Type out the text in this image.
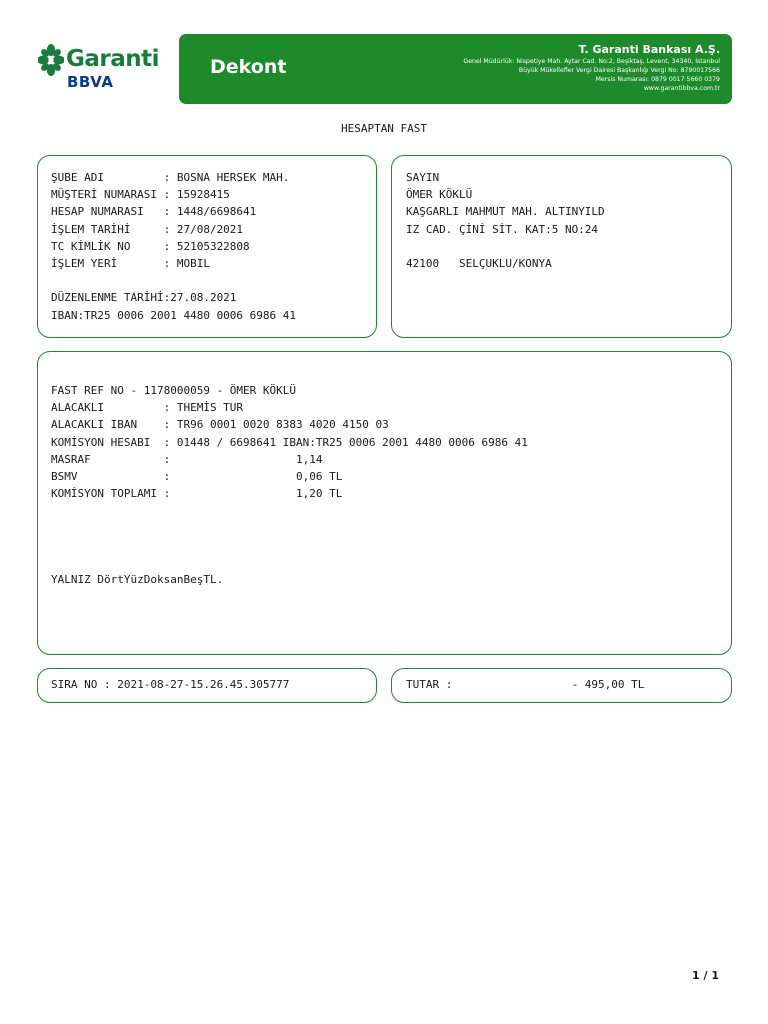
Garanti
BBVA
Dekont
T. Garanti Bankası A.Ş.
Genel Müdürlük: Nispetiye Mah. Aytar Cad. No:2, Beşiktaş, Levent, 34340, İstanbul
Büyük Mükellefler Vergi Dairesi Başkanlığı Vergi No: 8790017566
Mersis Numarası: 0879 0017 5660 0379
www.garantibbva.com.tr
HESAPTAN FAST
ŞUBE ADI         : BOSNA HERSEK MAH.
MÜŞTERİ NUMARASI : 15928415
HESAP NUMARASI   : 1448/6698641
İŞLEM TARİHİ     : 27/08/2021
TC KİMLİK NO     : 52105322808
İŞLEM YERİ       : MOBIL

DÜZENLENME TARİHİ:27.08.2021
IBAN:TR25 0006 2001 4480 0006 6986 41
SAYIN
ÖMER KÖKLÜ
KAŞGARLI MAHMUT MAH. ALTINYILD
IZ CAD. ÇİNİ SİT. KAT:5 NO:24

42100   SELÇUKLU/KONYA
FAST REF NO - 1178000059 - ÖMER KÖKLÜ
ALACAKLI         : THEMİS TUR
ALACAKLI IBAN    : TR96 0001 0020 8383 4020 4150 03
KOMİSYON HESABI  : 01448 / 6698641 IBAN:TR25 0006 2001 4480 0006 6986 41
MASRAF           :                   1,14
BSMV             :                   0,06 TL
KOMİSYON TOPLAMI :                   1,20 TL

YALNIZ DörtYüzDoksanBeşTL.
SIRA NO : 2021-08-27-15.26.45.305777	TUTAR :                  - 495,00 TL
1 / 1
